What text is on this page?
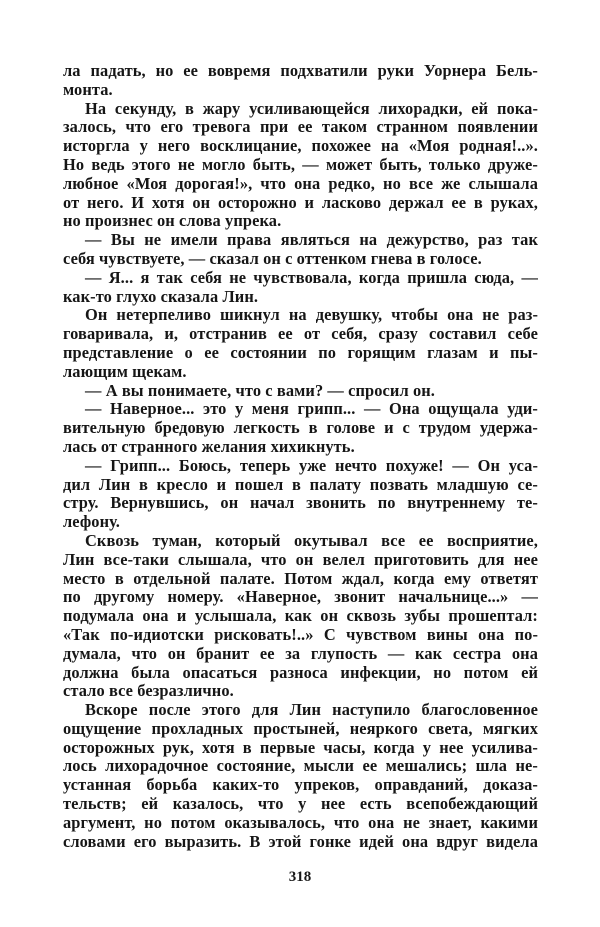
ла падать, но ее вовремя подхватили руки Уорнера Бель-
монта.
На секунду, в жару усиливающейся лихорадки, ей пока-
залось, что его тревога при ее таком странном появлении
исторгла у него восклицание, похожее на «Моя родная!..».
Но ведь этого не могло быть, — может быть, только друже-
любное «Моя дорогая!», что она редко, но все же слышала
от него. И хотя он осторожно и ласково держал ее в руках,
но произнес он слова упрека.
— Вы не имели права являться на дежурство, раз так
себя чувствуете, — сказал он с оттенком гнева в голосе.
— Я... я так себя не чувствовала, когда пришла сюда, —
как-то глухо сказала Лин.
Он нетерпеливо шикнул на девушку, чтобы она не раз-
говаривала, и, отстранив ее от себя, сразу составил себе
представление о ее состоянии по горящим глазам и пы-
лающим щекам.
— А вы понимаете, что с вами? — спросил он.
— Наверное... это у меня грипп... — Она ощущала уди-
вительную бредовую легкость в голове и с трудом удержа-
лась от странного желания хихикнуть.
— Грипп... Боюсь, теперь уже нечто похуже! — Он уса-
дил Лин в кресло и пошел в палату позвать младшую се-
стру. Вернувшись, он начал звонить по внутреннему те-
лефону.
Сквозь туман, который окутывал все ее восприятие,
Лин все-таки слышала, что он велел приготовить для нее
место в отдельной палате. Потом ждал, когда ему ответят
по другому номеру. «Наверное, звонит начальнице...» —
подумала она и услышала, как он сквозь зубы прошептал:
«Так по-идиотски рисковать!..» С чувством вины она по-
думала, что он бранит ее за глупость — как сестра она
должна была опасаться разноса инфекции, но потом ей
стало все безразлично.
Вскоре после этого для Лин наступило благословенное
ощущение прохладных простыней, неяркого света, мягких
осторожных рук, хотя в первые часы, когда у нее усилива-
лось лихорадочное состояние, мысли ее мешались; шла не-
устанная борьба каких-то упреков, оправданий, доказа-
тельств; ей казалось, что у нее есть всепобеждающий
аргумент, но потом оказывалось, что она не знает, какими
словами его выразить. В этой гонке идей она вдруг видела
318
